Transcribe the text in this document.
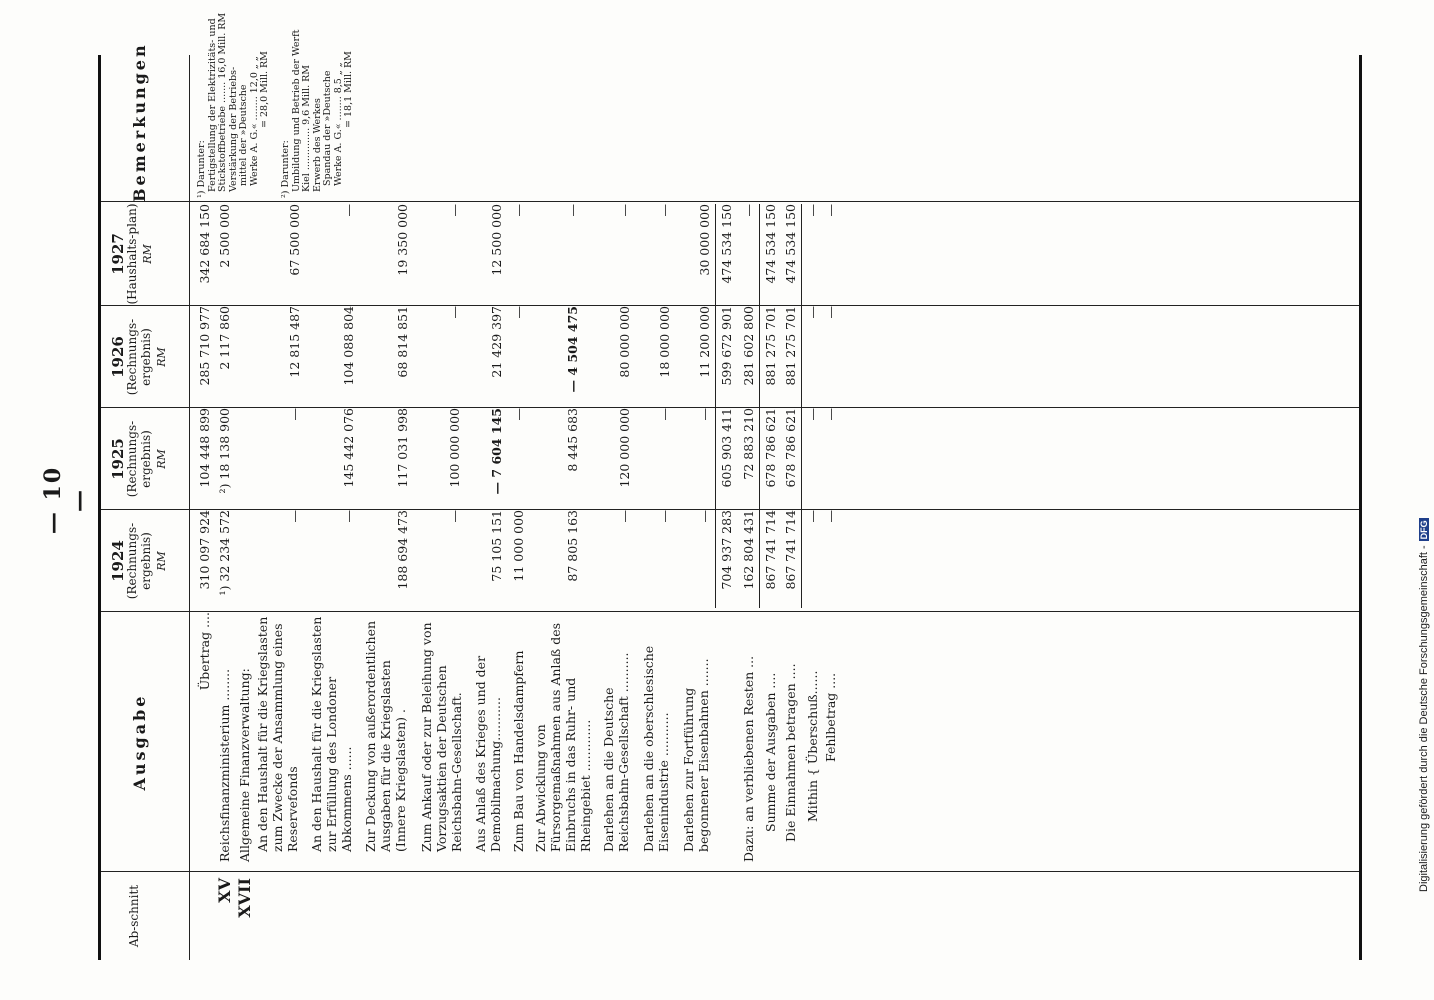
— 10 —
Ab-schnitt
Ausgabe
1924
(Rechnungs-ergebnis) RM
1925
(Rechnungs-ergebnis) RM
1926
(Rechnungs-ergebnis) RM
1927
(Haushalts-plan) RM
Bemerkungen
Übertrag ....
310 097 924
104 448 899
285 710 977
342 684 150
XV
Reichsfinanzministerium ........
¹) 32 234 572
²) 18 138 900
2 117 860
2 500 000
XVII
Allgemeine Finanzverwaltung: An den Haushalt für die Kriegslasten zum Zwecke der Ansammlung eines Reservefonds
—
—
12 815 487
67 500 000
An den Haushalt für die Kriegslasten zur Erfüllung des Londoner Abkommens ......
—
145 442 076
104 088 804
—
Zur Deckung von außerordentlichen Ausgaben für die Kriegslasten (Innere Kriegslasten) .
188 694 473
117 031 998
68 814 851
19 350 000
Zum Ankauf oder zur Beleihung von Vorzugsaktien der Deutschen Reichsbahn-Gesellschaft.
—
100 000 000
—
—
Aus Anlaß des Krieges und der Demobilmachung...........
75 105 151
— 7 604 145
21 429 397
12 500 000
Zum Bau von Handelsdampfern
11 000 000
—
—
—
Zur Abwicklung von Fürsorgemaßnahmen aus Anlaß des Einbruchs in das Ruhr- und Rheingebiet .............
87 805 163
8 445 683
— 4 504 475
—
Darlehen an die Deutsche Reichsbahn-Gesellschaft ..........
—
120 000 000
80 000 000
—
Darlehen an die oberschlesische Eisenindustrie ...........
—
—
18 000 000
—
Darlehen zur Fortführung begonnener Eisenbahnen .......
—
—
11 200 000
30 000 000
704 937 283
605 903 411
599 672 901
474 534 150
Dazu: an verbliebenen Resten ...
162 804 431
72 883 210
281 602 800
—
Summe der Ausgaben ....
867 741 714
678 786 621
881 275 701
474 534 150
Die Einnahmen betragen ....
867 741 714
678 786 621
881 275 701
474 534 150
Mithin { Überschuß......
—
—
—
—
Fehlbetrag ....
—
—
—
—
¹) Darunter: Fertigstellung der Elektrizitäts- und Stickstoffbetriebe ....... 16,0 Mill. RM Verstärkung der Betriebs- mittel der »Deutsche Werke A. G.« ........ 12,0 „ „ = 28,0 Mill. RM
²) Darunter: Umbildung und Betrieb der Werft Kiel .............. 9,6 Mill. RM Erwerb des Werkes Spandau der »Deutsche Werke A. G.« ........ 8,5 „ „ = 18,1 Mill. RM
Digitalisierung gefördert durch die Deutsche Forschungsgemeinschaft -DFG
